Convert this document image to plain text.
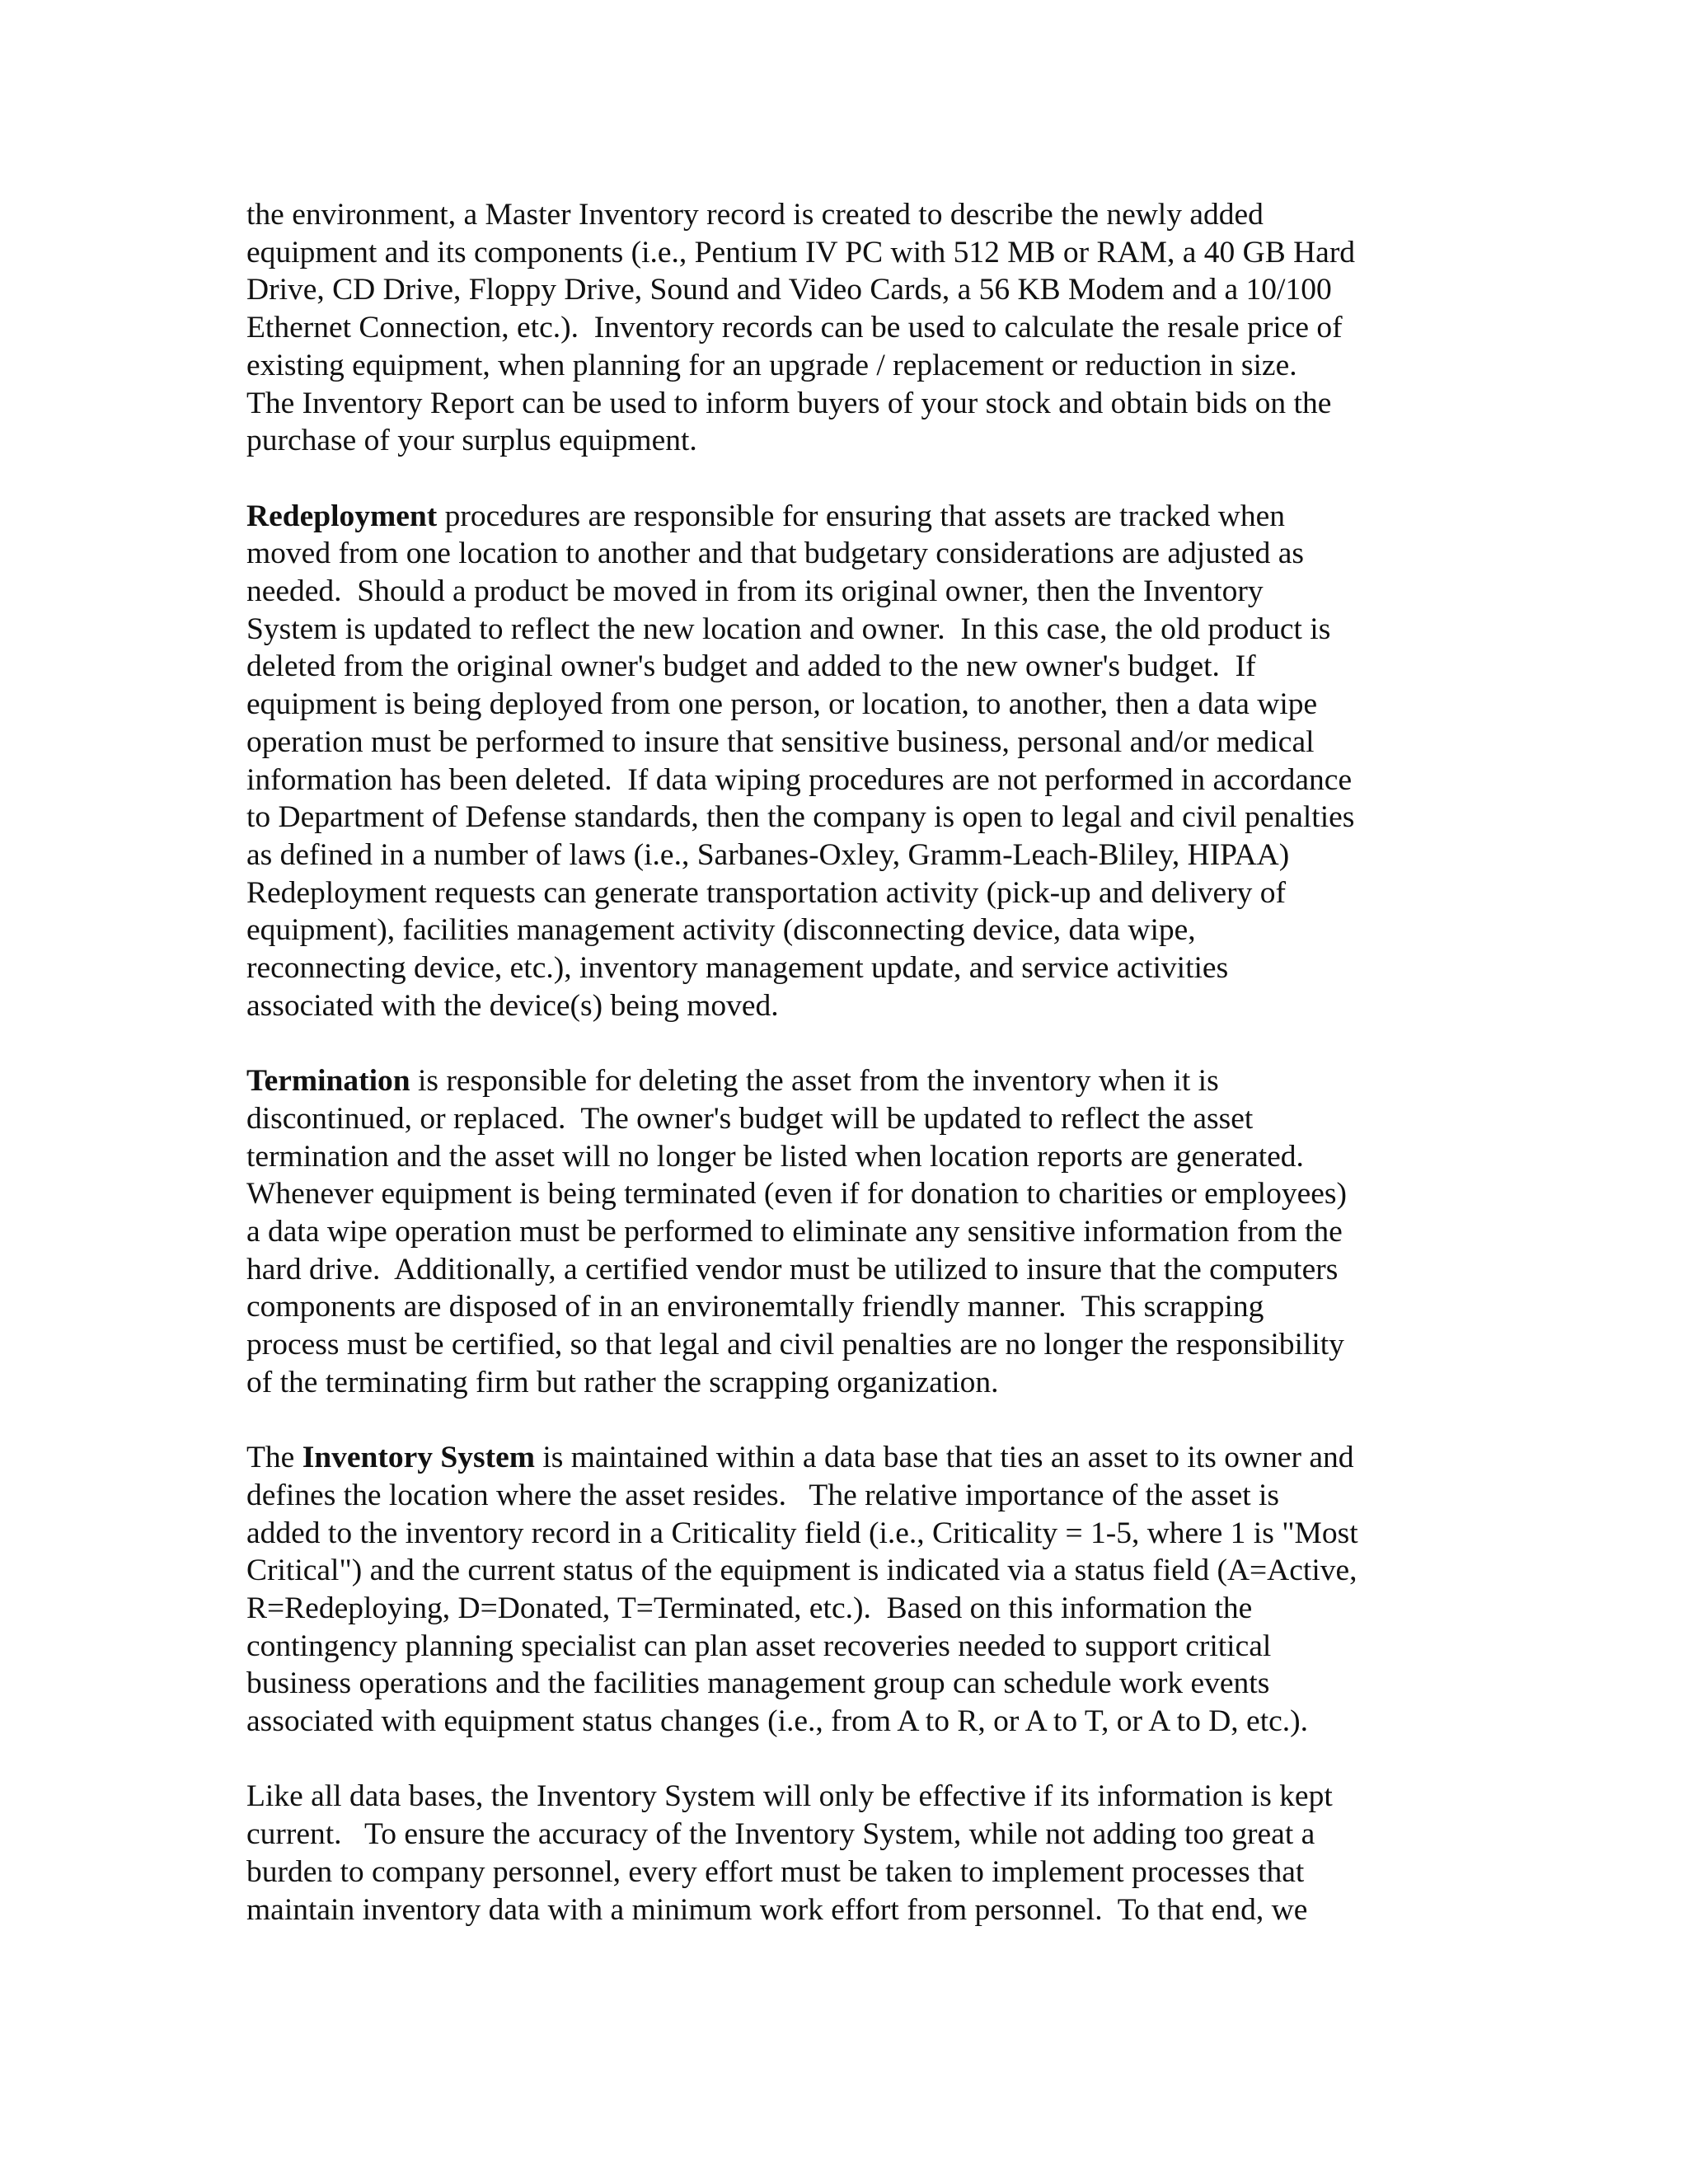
the environment, a Master Inventory record is created to describe the newly added
equipment and its components (i.e., Pentium IV PC with 512 MB or RAM, a 40 GB Hard
Drive, CD Drive, Floppy Drive, Sound and Video Cards, a 56 KB Modem and a 10/100
Ethernet Connection, etc.).  Inventory records can be used to calculate the resale price of
existing equipment, when planning for an upgrade / replacement or reduction in size.
The Inventory Report can be used to inform buyers of your stock and obtain bids on the
purchase of your surplus equipment.

Redeployment procedures are responsible for ensuring that assets are tracked when
moved from one location to another and that budgetary considerations are adjusted as
needed.  Should a product be moved in from its original owner, then the Inventory
System is updated to reflect the new location and owner.  In this case, the old product is
deleted from the original owner's budget and added to the new owner's budget.  If
equipment is being deployed from one person, or location, to another, then a data wipe
operation must be performed to insure that sensitive business, personal and/or medical
information has been deleted.  If data wiping procedures are not performed in accordance
to Department of Defense standards, then the company is open to legal and civil penalties
as defined in a number of laws (i.e., Sarbanes-Oxley, Gramm-Leach-Bliley, HIPAA)
Redeployment requests can generate transportation activity (pick-up and delivery of
equipment), facilities management activity (disconnecting device, data wipe,
reconnecting device, etc.), inventory management update, and service activities
associated with the device(s) being moved.

Termination is responsible for deleting the asset from the inventory when it is
discontinued, or replaced.  The owner's budget will be updated to reflect the asset
termination and the asset will no longer be listed when location reports are generated.
Whenever equipment is being terminated (even if for donation to charities or employees)
a data wipe operation must be performed to eliminate any sensitive information from the
hard drive.  Additionally, a certified vendor must be utilized to insure that the computers
components are disposed of in an environemtally friendly manner.  This scrapping
process must be certified, so that legal and civil penalties are no longer the responsibility
of the terminating firm but rather the scrapping organization.

The Inventory System is maintained within a data base that ties an asset to its owner and
defines the location where the asset resides.   The relative importance of the asset is
added to the inventory record in a Criticality field (i.e., Criticality = 1-5, where 1 is "Most
Critical") and the current status of the equipment is indicated via a status field (A=Active,
R=Redeploying, D=Donated, T=Terminated, etc.).  Based on this information the
contingency planning specialist can plan asset recoveries needed to support critical
business operations and the facilities management group can schedule work events
associated with equipment status changes (i.e., from A to R, or A to T, or A to D, etc.).

Like all data bases, the Inventory System will only be effective if its information is kept
current.   To ensure the accuracy of the Inventory System, while not adding too great a
burden to company personnel, every effort must be taken to implement processes that
maintain inventory data with a minimum work effort from personnel.  To that end, we
